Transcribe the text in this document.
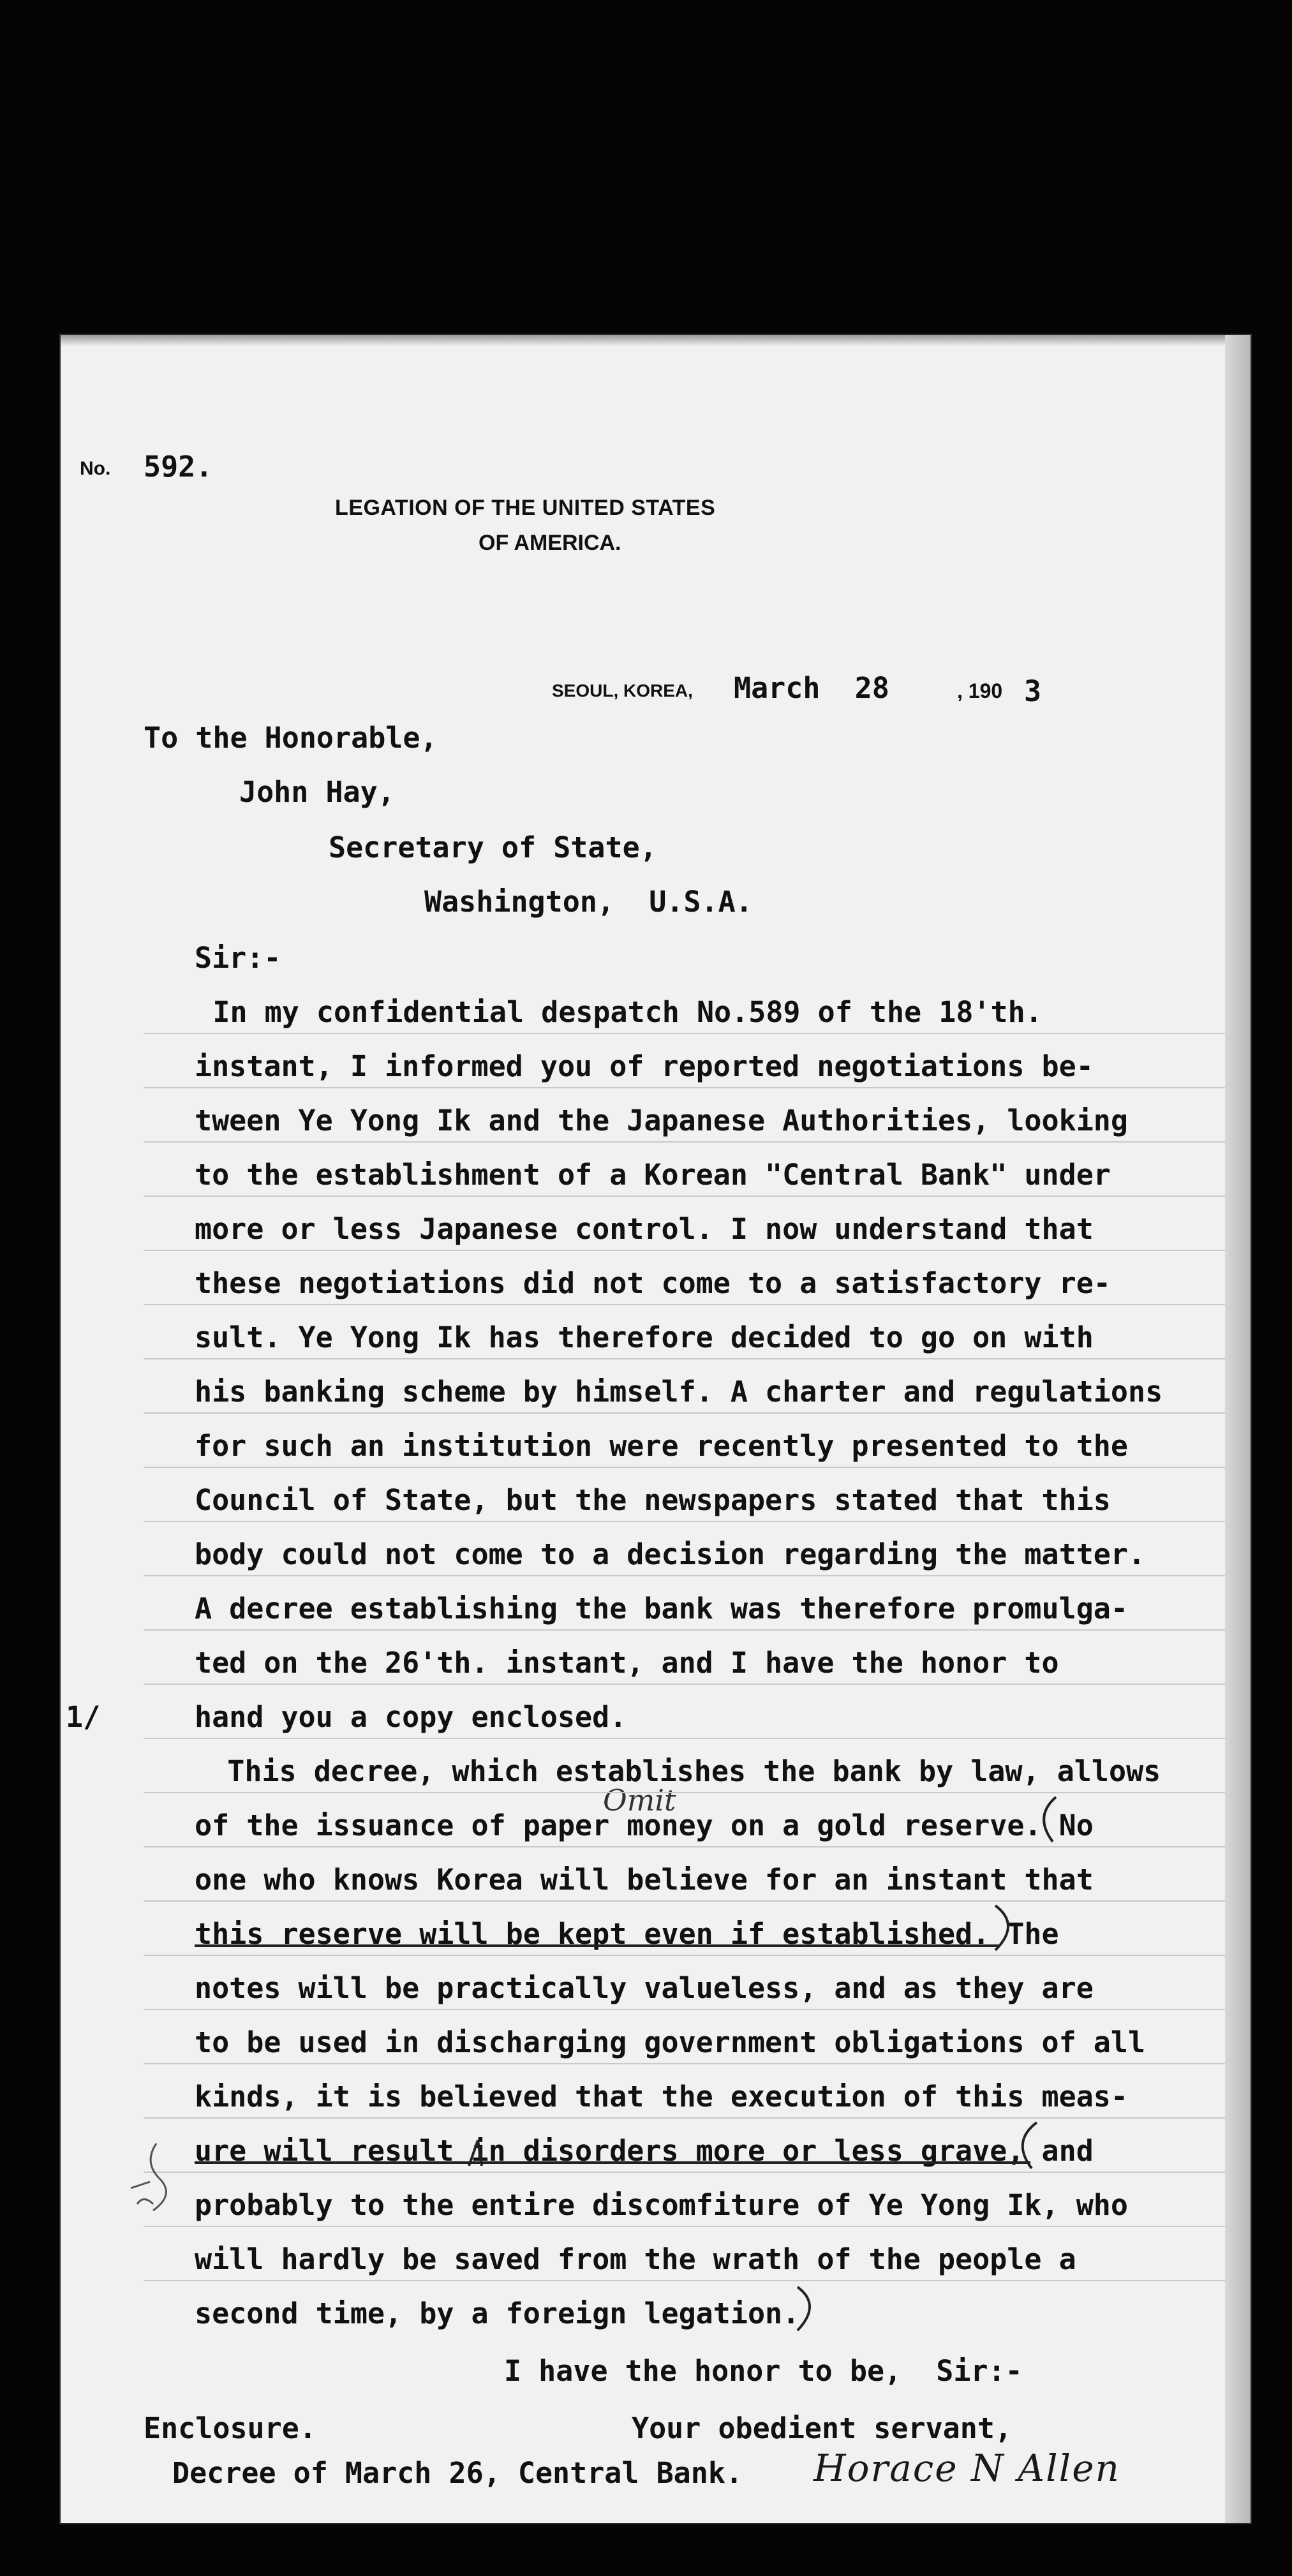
No. 592.
LEGATION OF THE UNITED STATES
OF AMERICA.
SEOUL, KOREA, March  28	, 190 3
To the Honorable,
John Hay,
Secretary of State,
Washington,  U.S.A.
Sir:-
In my confidential despatch No.589 of the 18'th.
instant, I informed you of reported negotiations be-
tween Ye Yong Ik and the Japanese Authorities, looking
to the establishment of a Korean "Central Bank" under
more or less Japanese control. I now understand that
these negotiations did not come to a satisfactory re-
sult. Ye Yong Ik has therefore decided to go on with
his banking scheme by himself. A charter and regulations
for such an institution were recently presented to the
Council of State, but the newspapers stated that this
body could not come to a decision regarding the matter.
A decree establishing the bank was therefore promulga-
ted on the 26'th. instant, and I have the honor to
hand you a copy enclosed.
This decree, which establishes the bank by law, allows
of the issuance of paper money on a gold reserve. No
one who knows Korea will believe for an instant that
this reserve will be kept even if established. The
notes will be practically valueless, and as they are
to be used in discharging government obligations of all
kinds, it is believed that the execution of this meas-
ure will result in disorders more or less grave, and
probably to the entire discomfiture of Ye Yong Ik, who
will hardly be saved from the wrath of the people a
second time, by a foreign legation.
1/
I have the honor to be,  Sir:-
Your obedient servant,
Enclosure.
Decree of March 26, Central Bank. Horace N Allen
Omit
